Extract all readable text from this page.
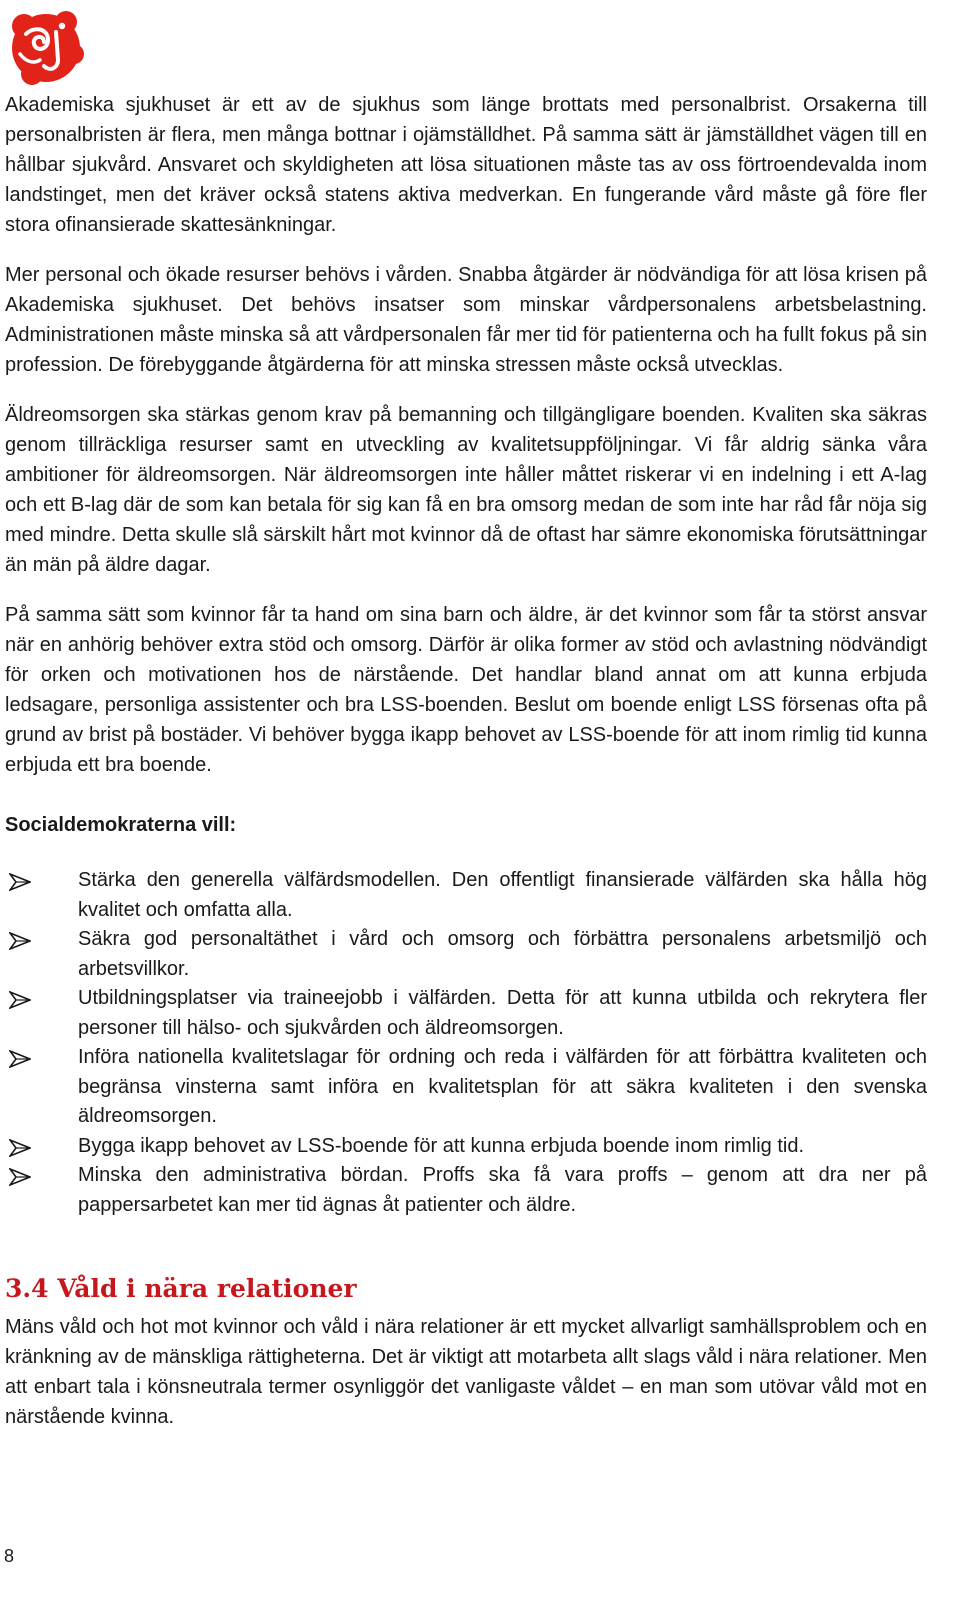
Akademiska sjukhuset är ett av de sjukhus som länge brottats med personalbrist. Orsakerna till personalbristen är flera, men många bottnar i ojämställdhet. På samma sätt är jämställdhet vägen till en hållbar sjukvård. Ansvaret och skyldigheten att lösa situationen måste tas av oss förtroendevalda inom landstinget, men det kräver också statens aktiva medverkan. En fungerande vård måste gå före fler stora ofinansierade skattesänkningar.

Mer personal och ökade resurser behövs i vården. Snabba åtgärder är nödvändiga för att lösa krisen på Akademiska sjukhuset. Det behövs insatser som minskar vårdpersonalens arbetsbelastning. Administrationen måste minska så att vårdpersonalen får mer tid för patienterna och ha fullt fokus på sin profession. De förebyggande åtgärderna för att minska stressen måste också utvecklas.

Äldreomsorgen ska stärkas genom krav på bemanning och tillgängligare boenden. Kvaliten ska säkras genom tillräckliga resurser samt en utveckling av kvalitetsuppföljningar. Vi får aldrig sänka våra ambitioner för äldreomsorgen. När äldreomsorgen inte håller måttet riskerar vi en indelning i ett A-lag och ett B-lag där de som kan betala för sig kan få en bra omsorg medan de som inte har råd får nöja sig med mindre. Detta skulle slå särskilt hårt mot kvinnor då de oftast har sämre ekonomiska förutsättningar än män på äldre dagar.

På samma sätt som kvinnor får ta hand om sina barn och äldre, är det kvinnor som får ta störst ansvar när en anhörig behöver extra stöd och omsorg. Därför är olika former av stöd och avlastning nödvändigt för orken och motivationen hos de närstående. Det handlar bland annat om att kunna erbjuda ledsagare, personliga assistenter och bra LSS-boenden. Beslut om boende enligt LSS försenas ofta på grund av brist på bostäder. Vi behöver bygga ikapp behovet av LSS-boende för att inom rimlig tid kunna erbjuda ett bra boende.

Socialdemokraterna vill:
Stärka den generella välfärdsmodellen. Den offentligt finansierade välfärden ska hålla hög kvalitet och omfatta alla.
Säkra god personaltäthet i vård och omsorg och förbättra personalens arbetsmiljö och arbetsvillkor.
Utbildningsplatser via traineejobb i välfärden. Detta för att kunna utbilda och rekrytera fler personer till hälso- och sjukvården och äldreomsorgen.
Införa nationella kvalitetslagar för ordning och reda i välfärden för att förbättra kvaliteten och begränsa vinsterna samt införa en kvalitetsplan för att säkra kvaliteten i den svenska äldreomsorgen.
Bygga ikapp behovet av LSS-boende för att kunna erbjuda boende inom rimlig tid.
Minska den administrativa bördan. Proffs ska få vara proffs – genom att dra ner på pappersarbetet kan mer tid ägnas åt patienter och äldre.
3.4 Våld i nära relationer

Mäns våld och hot mot kvinnor och våld i nära relationer är ett mycket allvarligt samhällsproblem och en kränkning av de mänskliga rättigheterna. Det är viktigt att motarbeta allt slags våld i nära relationer. Men att enbart tala i könsneutrala termer osynliggör det vanligaste våldet – en man som utövar våld mot en närstående kvinna.

8
